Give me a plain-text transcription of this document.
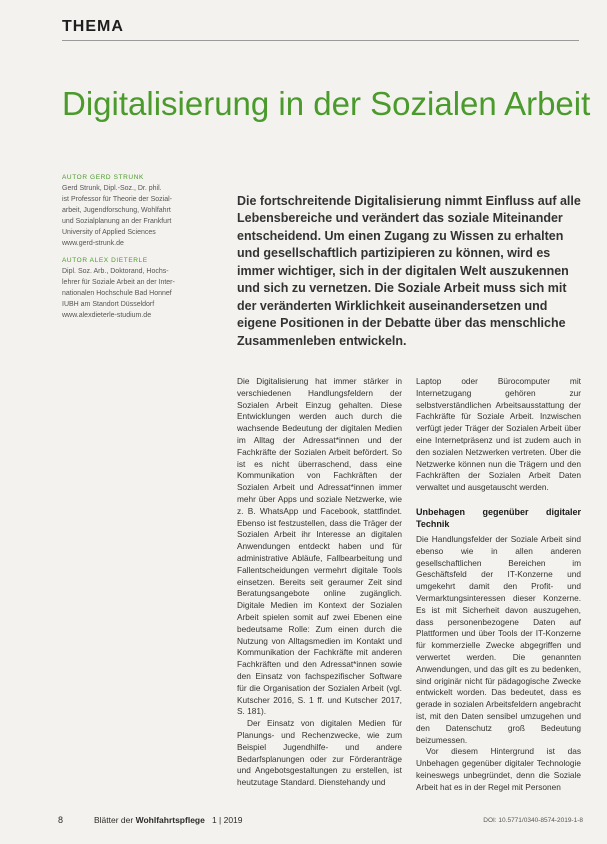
THEMA
Digitalisierung in der Sozialen Arbeit
AUTOR GERD STRUNK
Gerd Strunk, Dipl.-Soz., Dr. phil.
ist Professor für Theorie der Sozial-
arbeit, Jugendforschung, Wohlfahrt
und Sozialplanung an der Frankfurt
University of Applied Sciences
www.gerd-strunk.de
AUTOR ALEX DIETERLE
Dipl. Soz. Arb., Doktorand, Hochs-
lehrer für Soziale Arbeit an der Inter-
nationalen Hochschule Bad Honnef
IUBH am Standort Düsseldorf
www.alexdieterle-studium.de

Die fortschreitende Digitalisierung nimmt Einfluss auf alle Lebensbereiche und verändert das soziale Miteinander entscheidend. Um einen Zugang zu Wissen zu erhalten und gesellschaftlich partizipieren zu können, wird es immer wichtiger, sich in der digitalen Welt auszukennen und sich zu vernetzen. Die Soziale Arbeit muss sich mit der veränderten Wirklichkeit auseinandersetzen und eigene Positionen in der Debatte über das menschliche Zusammenleben entwickeln.

Die Digitalisierung hat immer stärker in verschiedenen Handlungsfeldern der Sozialen Arbeit Einzug gehalten. Diese Entwicklungen werden auch durch die wachsende Bedeutung der digitalen Medien im Alltag der Adressat*innen und der Fachkräfte der Sozialen Arbeit befördert. So ist es nicht überraschend, dass eine Kommunikation von Fachkräften der Sozialen Arbeit und Adressat*innen immer mehr über Apps und soziale Netzwerke, wie z. B. WhatsApp und Facebook, stattfindet. Ebenso ist festzustellen, dass die Träger der Sozialen Arbeit ihr Interesse an digitalen Anwendungen entdeckt haben und für administrative Abläufe, Fallbearbeitung und Fallentscheidungen vermehrt digitale Tools einsetzen. Bereits seit geraumer Zeit sind Beratungsangebote online zugänglich. Digitale Medien im Kontext der Sozialen Arbeit spielen somit auf zwei Ebenen eine bedeutsame Rolle: Zum einen durch die Nutzung von Alltagsmedien im Kontakt und Kommunikation der Fachkräfte mit anderen Fachkräften und den Adressat*innen sowie den Einsatz von fachspezifischer Software für die Organisation der Sozialen Arbeit (vgl. Kutscher 2016, S. 1 ff. und Kutscher 2017, S. 181).

Der Einsatz von digitalen Medien für Planungs- und Rechenzwecke, wie zum Beispiel Jugendhilfe- und andere Bedarfsplanungen oder zur Förderanträge und Angebotsgestaltungen zu erstellen, ist heutzutage Standard. Dienstehandy und

Laptop oder Bürocomputer mit Internetzugang gehören zur selbstverständlichen Arbeitsausstattung der Fachkräfte für Soziale Arbeit. Inzwischen verfügt jeder Träger der Sozialen Arbeit über eine Internetpräsenz und ist zudem auch in den sozialen Netzwerken vertreten. Über die Netzwerke können nun die Trägern und den Fachkräften der Sozialen Arbeit Daten verwaltet und ausgetauscht werden.

Unbehagen gegenüber digitaler Technik

Die Handlungsfelder der Soziale Arbeit sind ebenso wie in allen anderen gesellschaftlichen Bereichen im Geschäftsfeld der IT-Konzerne und umgekehrt damit den Profit- und Vermarktungsinteressen dieser Konzerne. Es ist mit Sicherheit davon auszugehen, dass personenbezogene Daten auf Plattformen und über Tools der IT-Konzerne für kommerzielle Zwecke abgegriffen und verwertet werden. Die genannten Anwendungen, und das gilt es zu bedenken, sind originär nicht für pädagogische Zwecke entwickelt worden. Das bedeutet, dass es gerade in sozialen Arbeitsfeldern angebracht ist, mit den Daten sensibel umzugehen und den Datenschutz groß Bedeutung beizumessen.

Vor diesem Hintergrund ist das Unbehagen gegenüber digitaler Technologie keineswegs unbegründet, denn die Soziale Arbeit hat es in der Regel mit Personen

8	Blätter der Wohlfahrtspflege 1 | 2019	DOI: 10.5771/0340-8574-2019-1-8
